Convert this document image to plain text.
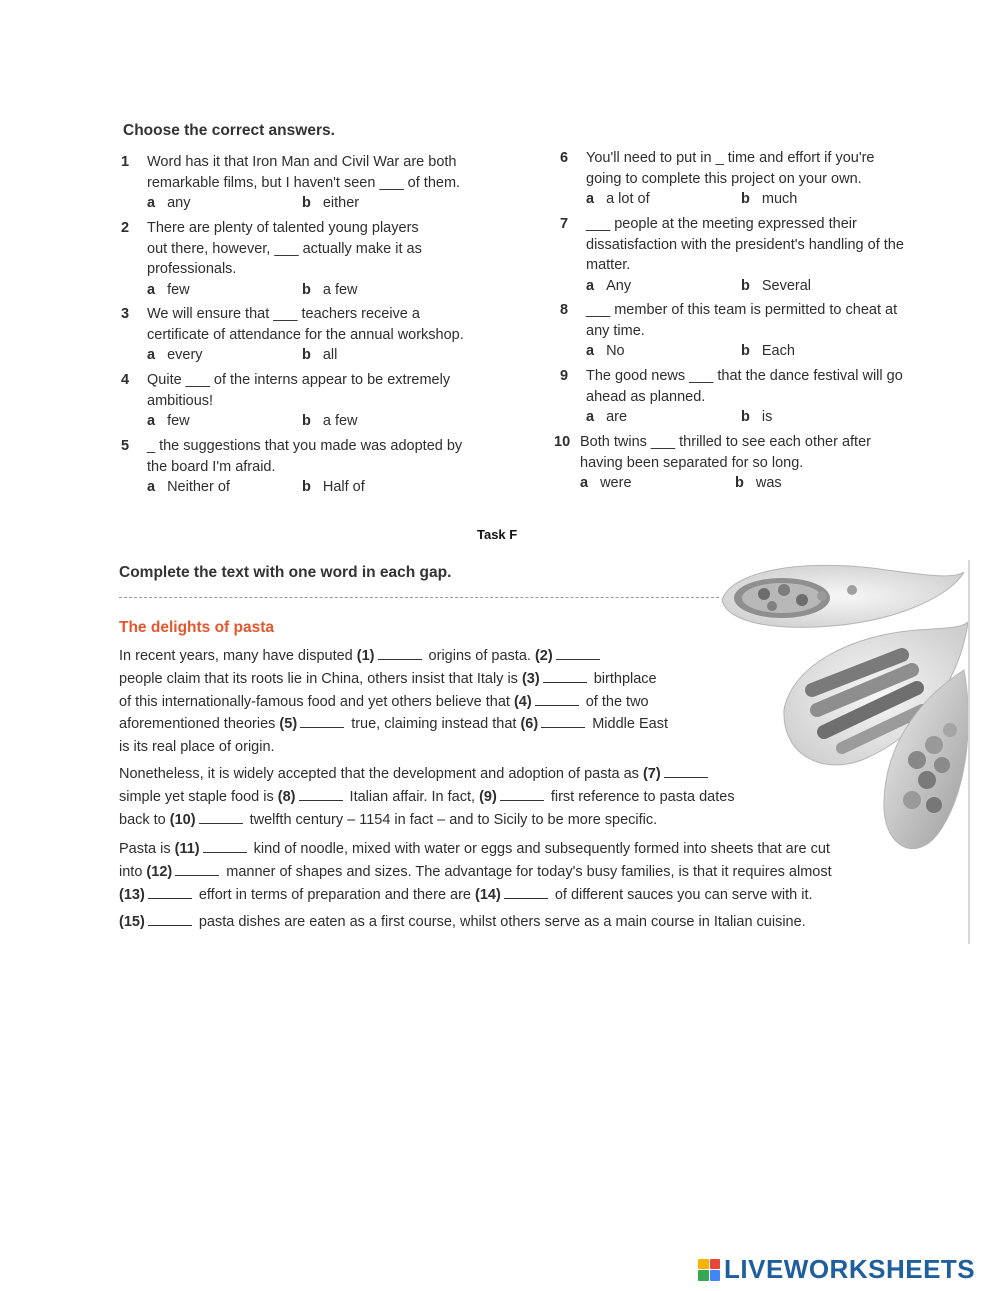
Choose the correct answers.
1 Word has it that Iron Man and Civil War are both
remarkable films, but I haven't seen ___ of them.
a any	b either
2 There are plenty of talented young players
out there, however, ___ actually make it as
professionals.
a few	b a few
3 We will ensure that ___ teachers receive a
certificate of attendance for the annual workshop.
a every	b all
4 Quite ___ of the interns appear to be extremely
ambitious!
a few	b a few
5 _ the suggestions that you made was adopted by
the board I'm afraid.
a Neither of	b Half of
6 You'll need to put in _ time and effort if you're
going to complete this project on your own.
a a lot of	b much
7 ___ people at the meeting expressed their
dissatisfaction with the president's handling of the
matter.
a Any	b Several
8 ___ member of this team is permitted to cheat at
any time.
a No	b Each
9 The good news ___ that the dance festival will go
ahead as planned.
a are	b is
10 Both twins ___ thrilled to see each other after
having been separated for so long.
a were	b was
Task F
Complete the text with one word in each gap.
The delights of pasta
In recent years, many have disputed (1)	origins of pasta. (2)
people claim that its roots lie in China, others insist that Italy is (3)	birthplace
of this internationally-famous food and yet others believe that (4)	of the two
aforementioned theories (5)	true, claiming instead that (6)	Middle East
is its real place of origin.
Nonetheless, it is widely accepted that the development and adoption of pasta as (7)
simple yet staple food is (8)	Italian affair. In fact, (9)	first reference to pasta dates
back to (10)	twelfth century – 1154 in fact – and to Sicily to be more specific.
Pasta is (11)	kind of noodle, mixed with water or eggs and subsequently formed into sheets that are cut
into (12)	manner of shapes and sizes. The advantage for today's busy families, is that it requires almost
(13)	effort in terms of preparation and there are (14)	of different sauces you can serve with it.
(15)	pasta dishes are eaten as a first course, whilst others serve as a main course in Italian cuisine.
LIVEWORKSHEETS
